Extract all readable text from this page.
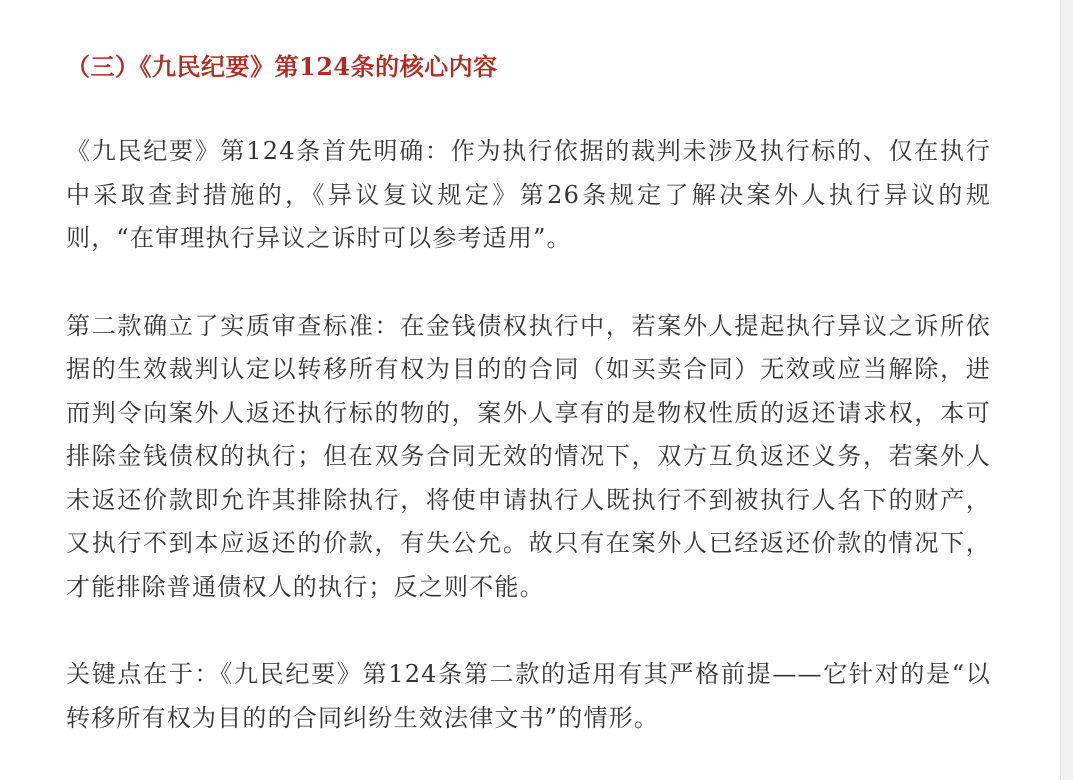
（三）《九民纪要》第124条的核心内容

《九民纪要》第124条首先明确：作为执行依据的裁判未涉及执行标的、仅在执行中采取查封措施的，《异议复议规定》第26条规定了解决案外人执行异议的规则，“在审理执行异议之诉时可以参考适用”。

第二款确立了实质审查标准：在金钱债权执行中，若案外人提起执行异议之诉所依据的生效裁判认定以转移所有权为目的的合同（如买卖合同）无效或应当解除，进而判令向案外人返还执行标的物的，案外人享有的是物权性质的返还请求权，本可排除金钱债权的执行；但在双务合同无效的情况下，双方互负返还义务，若案外人未返还价款即允许其排除执行，将使申请执行人既执行不到被执行人名下的财产，又执行不到本应返还的价款，有失公允。故只有在案外人已经返还价款的情况下，才能排除普通债权人的执行；反之则不能。

关键点在于：《九民纪要》第124条第二款的适用有其严格前提——它针对的是“以转移所有权为目的的合同纠纷生效法律文书”的情形。
